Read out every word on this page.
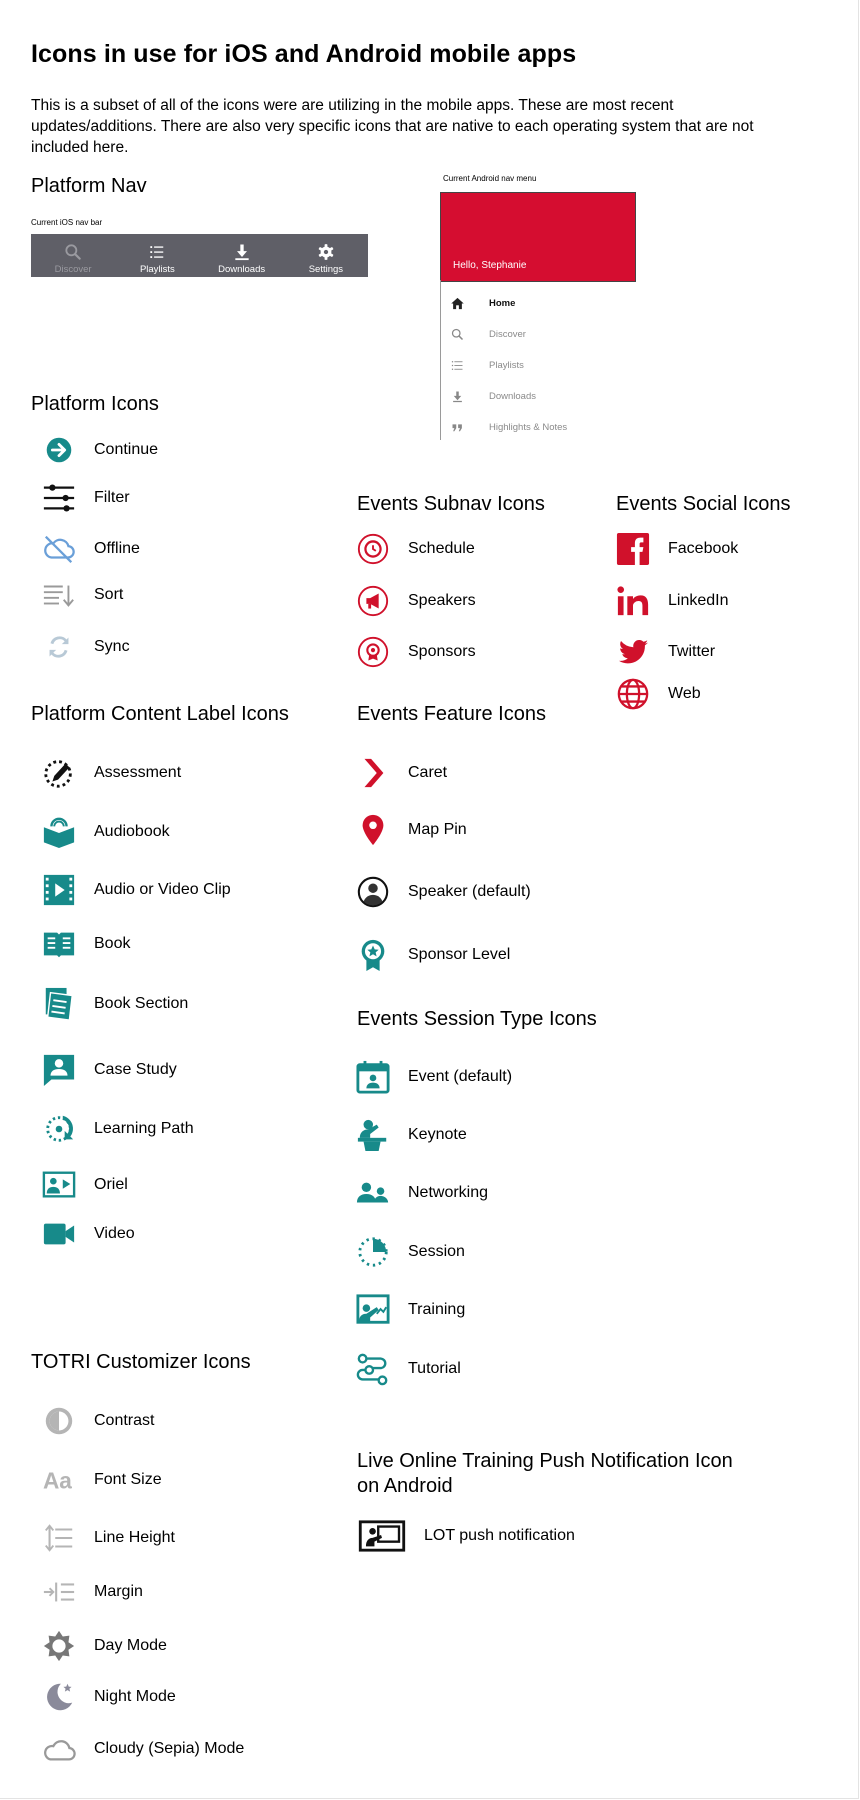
Icons in use for iOS and Android mobile apps

This is a subset of all of the icons were are utilizing in the mobile apps. These are most recent updates/additions. There are also very specific icons that are native to each operating system that are not included here.

Platform Nav
Current iOS nav bar
Discover	Playlists	Downloads	Settings
Current Android nav menu
Hello, Stephanie
Home
Discover
Playlists
Downloads
Highlights & Notes
Platform Icons
Continue
Filter
Offline
Sort
Sync
Events Subnav Icons
Schedule
Speakers
Sponsors
Events Social Icons
Facebook
LinkedIn
Twitter
Web
Platform Content Label Icons
Assessment
Audiobook
Audio or Video Clip
Book
Book Section
Case Study
Learning Path
Oriel
Video
Events Feature Icons
Caret
Map Pin
Speaker (default)
Sponsor Level
Events Session Type Icons
Event (default)
Keynote
Networking
Session
Training
Tutorial
TOTRI Customizer Icons
Contrast
Aa Font Size
Line Height
Margin
Day Mode
Night Mode
Cloudy (Sepia) Mode
Live Online Training Push Notification Icon on Android
LOT push notification
